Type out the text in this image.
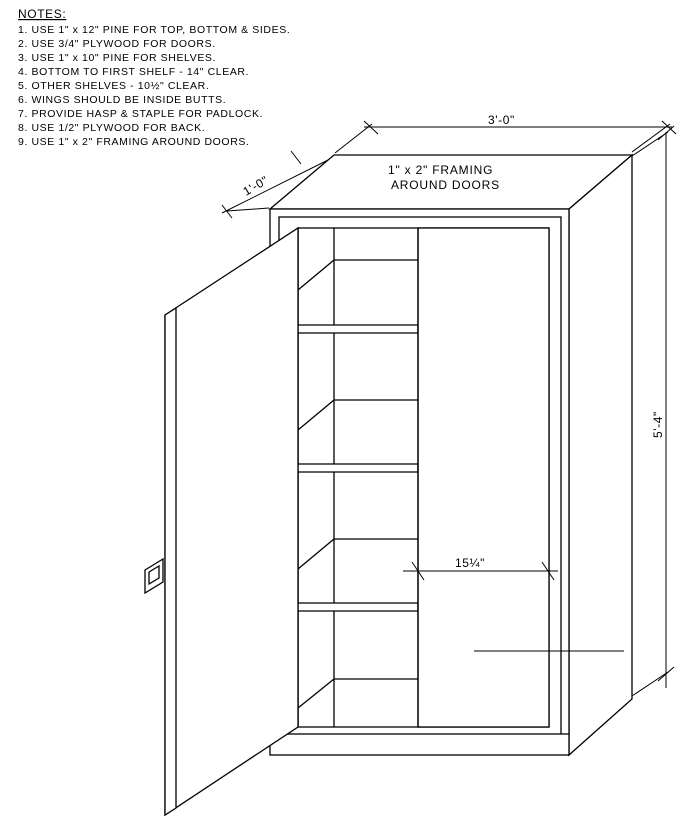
NOTES:
1. USE 1" x 12" PINE FOR TOP, BOTTOM & SIDES.
2. USE 3/4" PLYWOOD FOR DOORS.
3. USE 1" x 10" PINE FOR SHELVES.
4. BOTTOM TO FIRST SHELF - 14" CLEAR.
5. OTHER SHELVES - 10½" CLEAR.
6. WINGS SHOULD BE INSIDE BUTTS.
7. PROVIDE HASP & STAPLE FOR PADLOCK.
8. USE 1/2" PLYWOOD FOR BACK.
9. USE 1" x 2" FRAMING AROUND DOORS.
1'-0"
3'-0"
5'-4"
1" x 2" FRAMING
AROUND DOORS
15¼"
